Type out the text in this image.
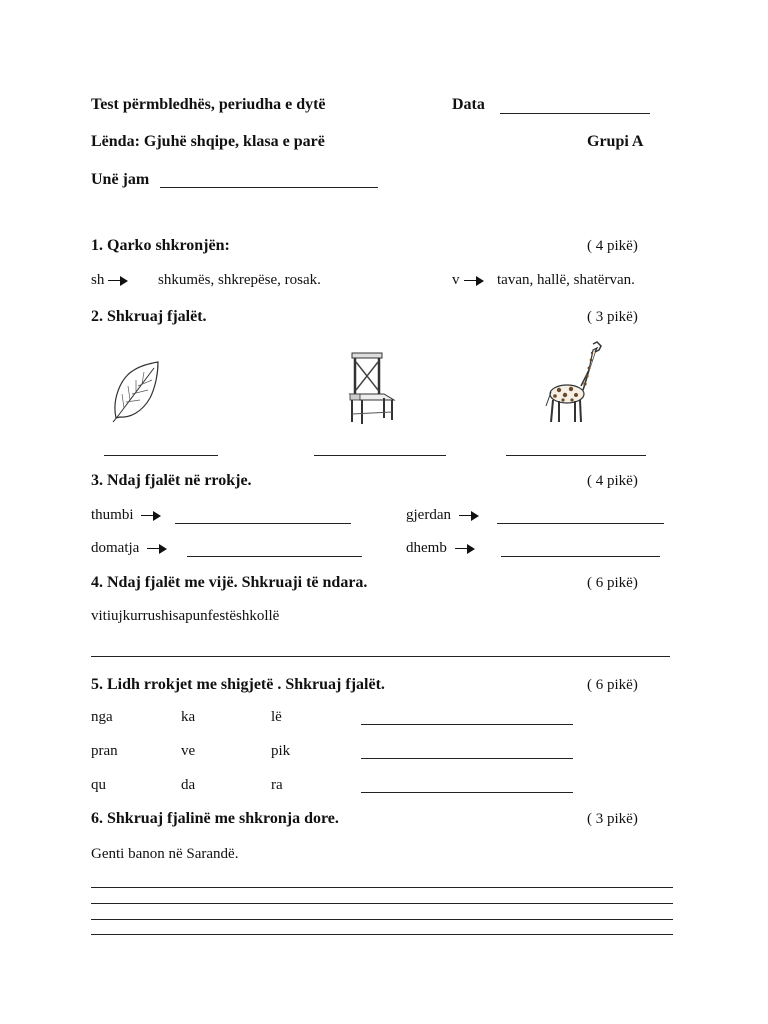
Test përmbledhës, periudha e dytë	Data
Lënda: Gjuhë shqipe, klasa e parë	Grupi A
Unë jam
1. Qarko shkronjën:	( 4 pikë)
sh	shkumës, shkrepëse, rosak.	v	tavan, hallë, shatërvan.
2. Shkruaj fjalët.	( 3 pikë)
3. Ndaj fjalët në rrokje.	( 4 pikë)
thumbi	gjerdan
domatja	dhemb
4. Ndaj fjalët me vijë. Shkruaji të ndara.	( 6 pikë)
vitiujkurrushisapunfestëshkollë
5. Lidh rrokjet me shigjetë . Shkruaj fjalët.	( 6 pikë)
nga	ka	lë
pran	ve	pik
qu	da	ra
6. Shkruaj fjalinë me shkronja dore.	( 3 pikë)
Genti banon në Sarandë.
